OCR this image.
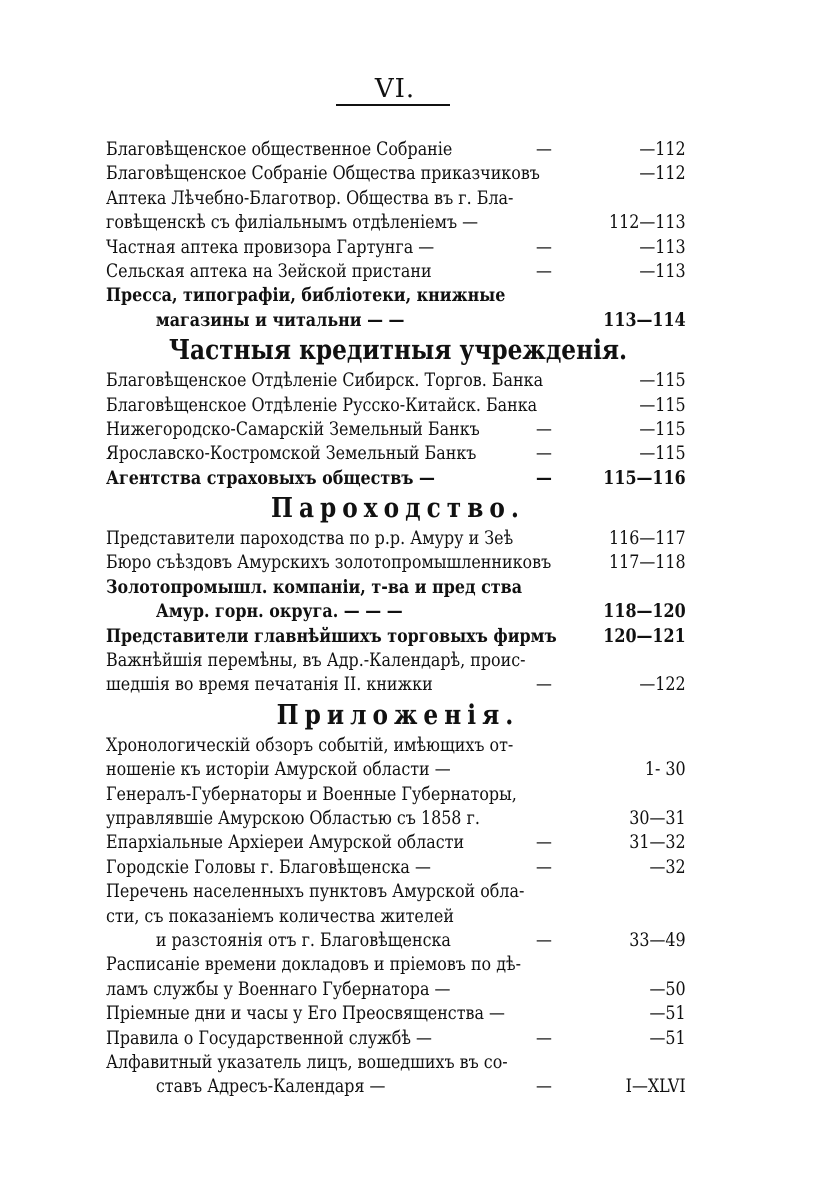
VI.
Благовѣщенское общественное Собраніе	—	—112
Благовѣщенское Собраніе Общества приказчиковъ	—112
Аптека Лѣчебно-Благотвор. Общества въ г. Бла-
говѣщенскѣ съ филіальнымъ отдѣленіемъ —	112—113
Частная аптека провизора Гартунга —	—	—113
Сельская аптека на Зейской пристани	—	—113
Пресса, типографіи, библіотеки, книжные
магазины и читальни — —	113—114
Частныя кредитныя учрежденія.
Благовѣщенское Отдѣленіе Сибирск. Торгов. Банка	—115
Благовѣщенское Отдѣленіе Русско-Китайск. Банка	—115
Нижегородско-Самарскій Земельный Банкъ	—	—115
Ярославско-Костромской Земельный Банкъ	—	—115
Агентства страховыхъ обществъ —	—	115—116
Пароходство.
Представители пароходства по р.р. Амуру и Зеѣ	116—117
Бюро съѣздовъ Амурскихъ золотопромышленниковъ	117—118
Золотопромышл. компаніи, т-ва и пред ства
Амур. горн. округа. — — —	118—120
Представители главнѣйшихъ торговыхъ фирмъ	120—121
Важнѣйшія перемѣны, въ Адр.-Календарѣ, проис-
шедшія во время печатанія II. книжки	—	—122
Приложенія.
Хронологическій обзоръ событій, имѣющихъ от-
ношеніе къ исторіи Амурской области —	1- 30
Генералъ-Губернаторы и Военные Губернаторы,
управлявшіе Амурскою Областью съ 1858 г.	30—31
Епархіальные Архіереи Амурской области	—	31—32
Городскіе Головы г. Благовѣщенска —	—	—32
Перечень населенныхъ пунктовъ Амурской обла-
сти, съ показаніемъ количества жителей
и разстоянія отъ г. Благовѣщенска	—	33—49
Расписаніе времени докладовъ и пріемовъ по дѣ-
ламъ службы у Военнаго Губернатора —	—50
Пріемные дни и часы у Его Преосвященства —	—51
Правила о Государственной службѣ —	—	—51
Алфавитный указатель лицъ, вошедшихъ въ со-
ставъ Адресъ-Календаря —	—	I—XLVI
